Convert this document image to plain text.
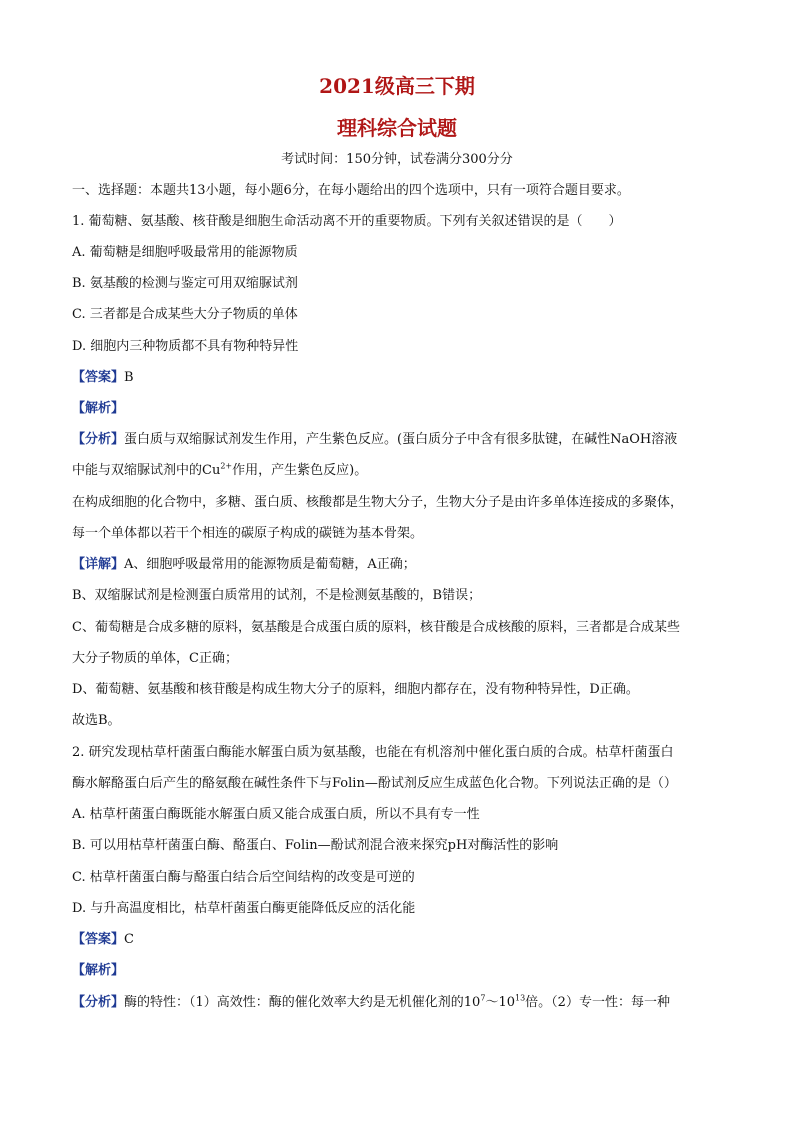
2021级高三下期
理科综合试题
考试时间：150分钟，试卷满分300分分
一、选择题：本题共13小题，每小题6分，在每小题给出的四个选项中，只有一项符合题目要求。
1. 葡萄糖、氨基酸、核苷酸是细胞生命活动离不开的重要物质。下列有关叙述错误的是（　　）
A. 葡萄糖是细胞呼吸最常用的能源物质
B. 氨基酸的检测与鉴定可用双缩脲试剂
C. 三者都是合成某些大分子物质的单体
D. 细胞内三种物质都不具有物种特异性
【答案】B
【解析】
【分析】蛋白质与双缩脲试剂发生作用，产生紫色反应。(蛋白质分子中含有很多肽键，在碱性NaOH溶液
中能与双缩脲试剂中的$Cu^{2+}$作用，产生紫色反应)。
在构成细胞的化合物中，多糖、蛋白质、核酸都是生物大分子，生物大分子是由许多单体连接成的多聚体，
每一个单体都以若干个相连的碳原子构成的碳链为基本骨架。
【详解】A、细胞呼吸最常用的能源物质是葡萄糖，A正确；
B、双缩脲试剂是检测蛋白质常用的试剂，不是检测氨基酸的，B错误；
C、葡萄糖是合成多糖的原料，氨基酸是合成蛋白质的原料，核苷酸是合成核酸的原料，三者都是合成某些
大分子物质的单体，C正确；
D、葡萄糖、氨基酸和核苷酸是构成生物大分子的原料，细胞内都存在，没有物种特异性，D正确。
故选B。
2. 研究发现枯草杆菌蛋白酶能水解蛋白质为氨基酸，也能在有机溶剂中催化蛋白质的合成。枯草杆菌蛋白
酶水解酪蛋白后产生的酪氨酸在碱性条件下与Folin—酚试剂反应生成蓝色化合物。下列说法正确的是（）
A. 枯草杆菌蛋白酶既能水解蛋白质又能合成蛋白质，所以不具有专一性
B. 可以用枯草杆菌蛋白酶、酪蛋白、Folin—酚试剂混合液来探究pH对酶活性的影响
C. 枯草杆菌蛋白酶与酪蛋白结合后空间结构的改变是可逆的
D. 与升高温度相比，枯草杆菌蛋白酶更能降低反应的活化能
【答案】C
【解析】
【分析】酶的特性：（1）高效性：酶的催化效率大约是无机催化剂的$10^7\sim 10^{13}$倍。（2）专一性：每一种
